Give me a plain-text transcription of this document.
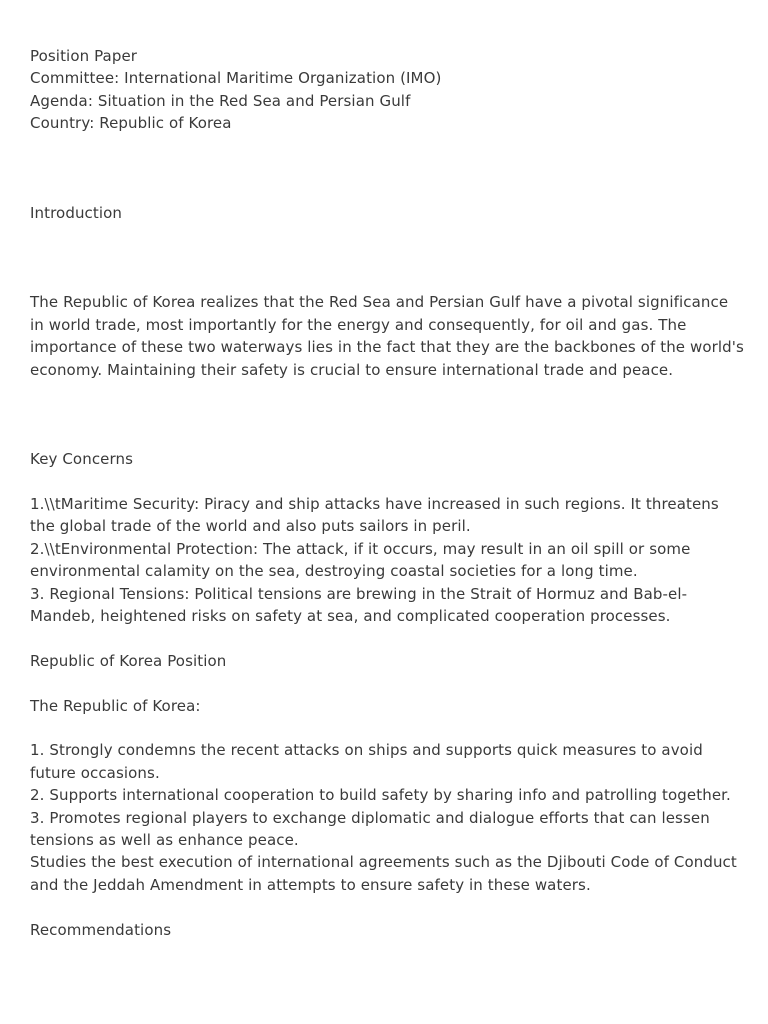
Position Paper

Committee: International Maritime Organization (IMO)

Agenda: Situation in the Red Sea and Persian Gulf

Country: Republic of Korea

Introduction

The Republic of Korea realizes that the Red Sea and Persian Gulf have a pivotal significance in world trade, most importantly for the energy and consequently, for oil and gas. The importance of these two waterways lies in the fact that they are the backbones of the world's economy. Maintaining their safety is crucial to ensure international trade and peace.

Key Concerns

1.\\tMaritime Security: Piracy and ship attacks have increased in such regions. It threatens the global trade of the world and also puts sailors in peril.

2.\\tEnvironmental Protection: The attack, if it occurs, may result in an oil spill or some environmental calamity on the sea, destroying coastal societies for a long time.

3. Regional Tensions: Political tensions are brewing in the Strait of Hormuz and Bab-el-Mandeb, heightened risks on safety at sea, and complicated cooperation processes.

Republic of Korea Position

The Republic of Korea:

1. Strongly condemns the recent attacks on ships and supports quick measures to avoid future occasions.

2. Supports international cooperation to build safety by sharing info and patrolling together.

3. Promotes regional players to exchange diplomatic and dialogue efforts that can lessen tensions as well as enhance peace.

Studies the best execution of international agreements such as the Djibouti Code of Conduct and the Jeddah Amendment in attempts to ensure safety in these waters.

Recommendations
